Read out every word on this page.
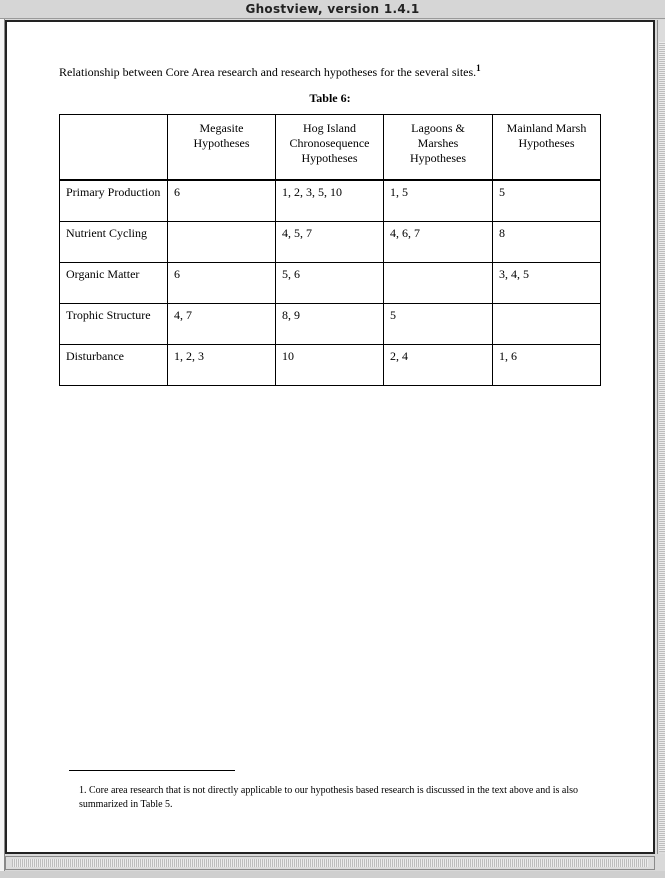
Ghostview, version 1.4.1
Relationship between Core Area research and research hypotheses for the several sites.$^1$
Table 6:
	Megasite Hypotheses	Hog Island Chronosequence Hypotheses	Lagoons & Marshes Hypotheses	Mainland Marsh Hypotheses
Primary Production	6	1, 2, 3, 5, 10	1, 5	5
Nutrient Cycling		4, 5, 7	4, 6, 7	8
Organic Matter	6	5, 6		3, 4, 5
Trophic Structure	4, 7	8, 9	5	
Disturbance	1, 2, 3	10	2, 4	1, 6
1. Core area research that is not directly applicable to our hypothesis based research is discussed in the text above and is also summarized in Table 5.
